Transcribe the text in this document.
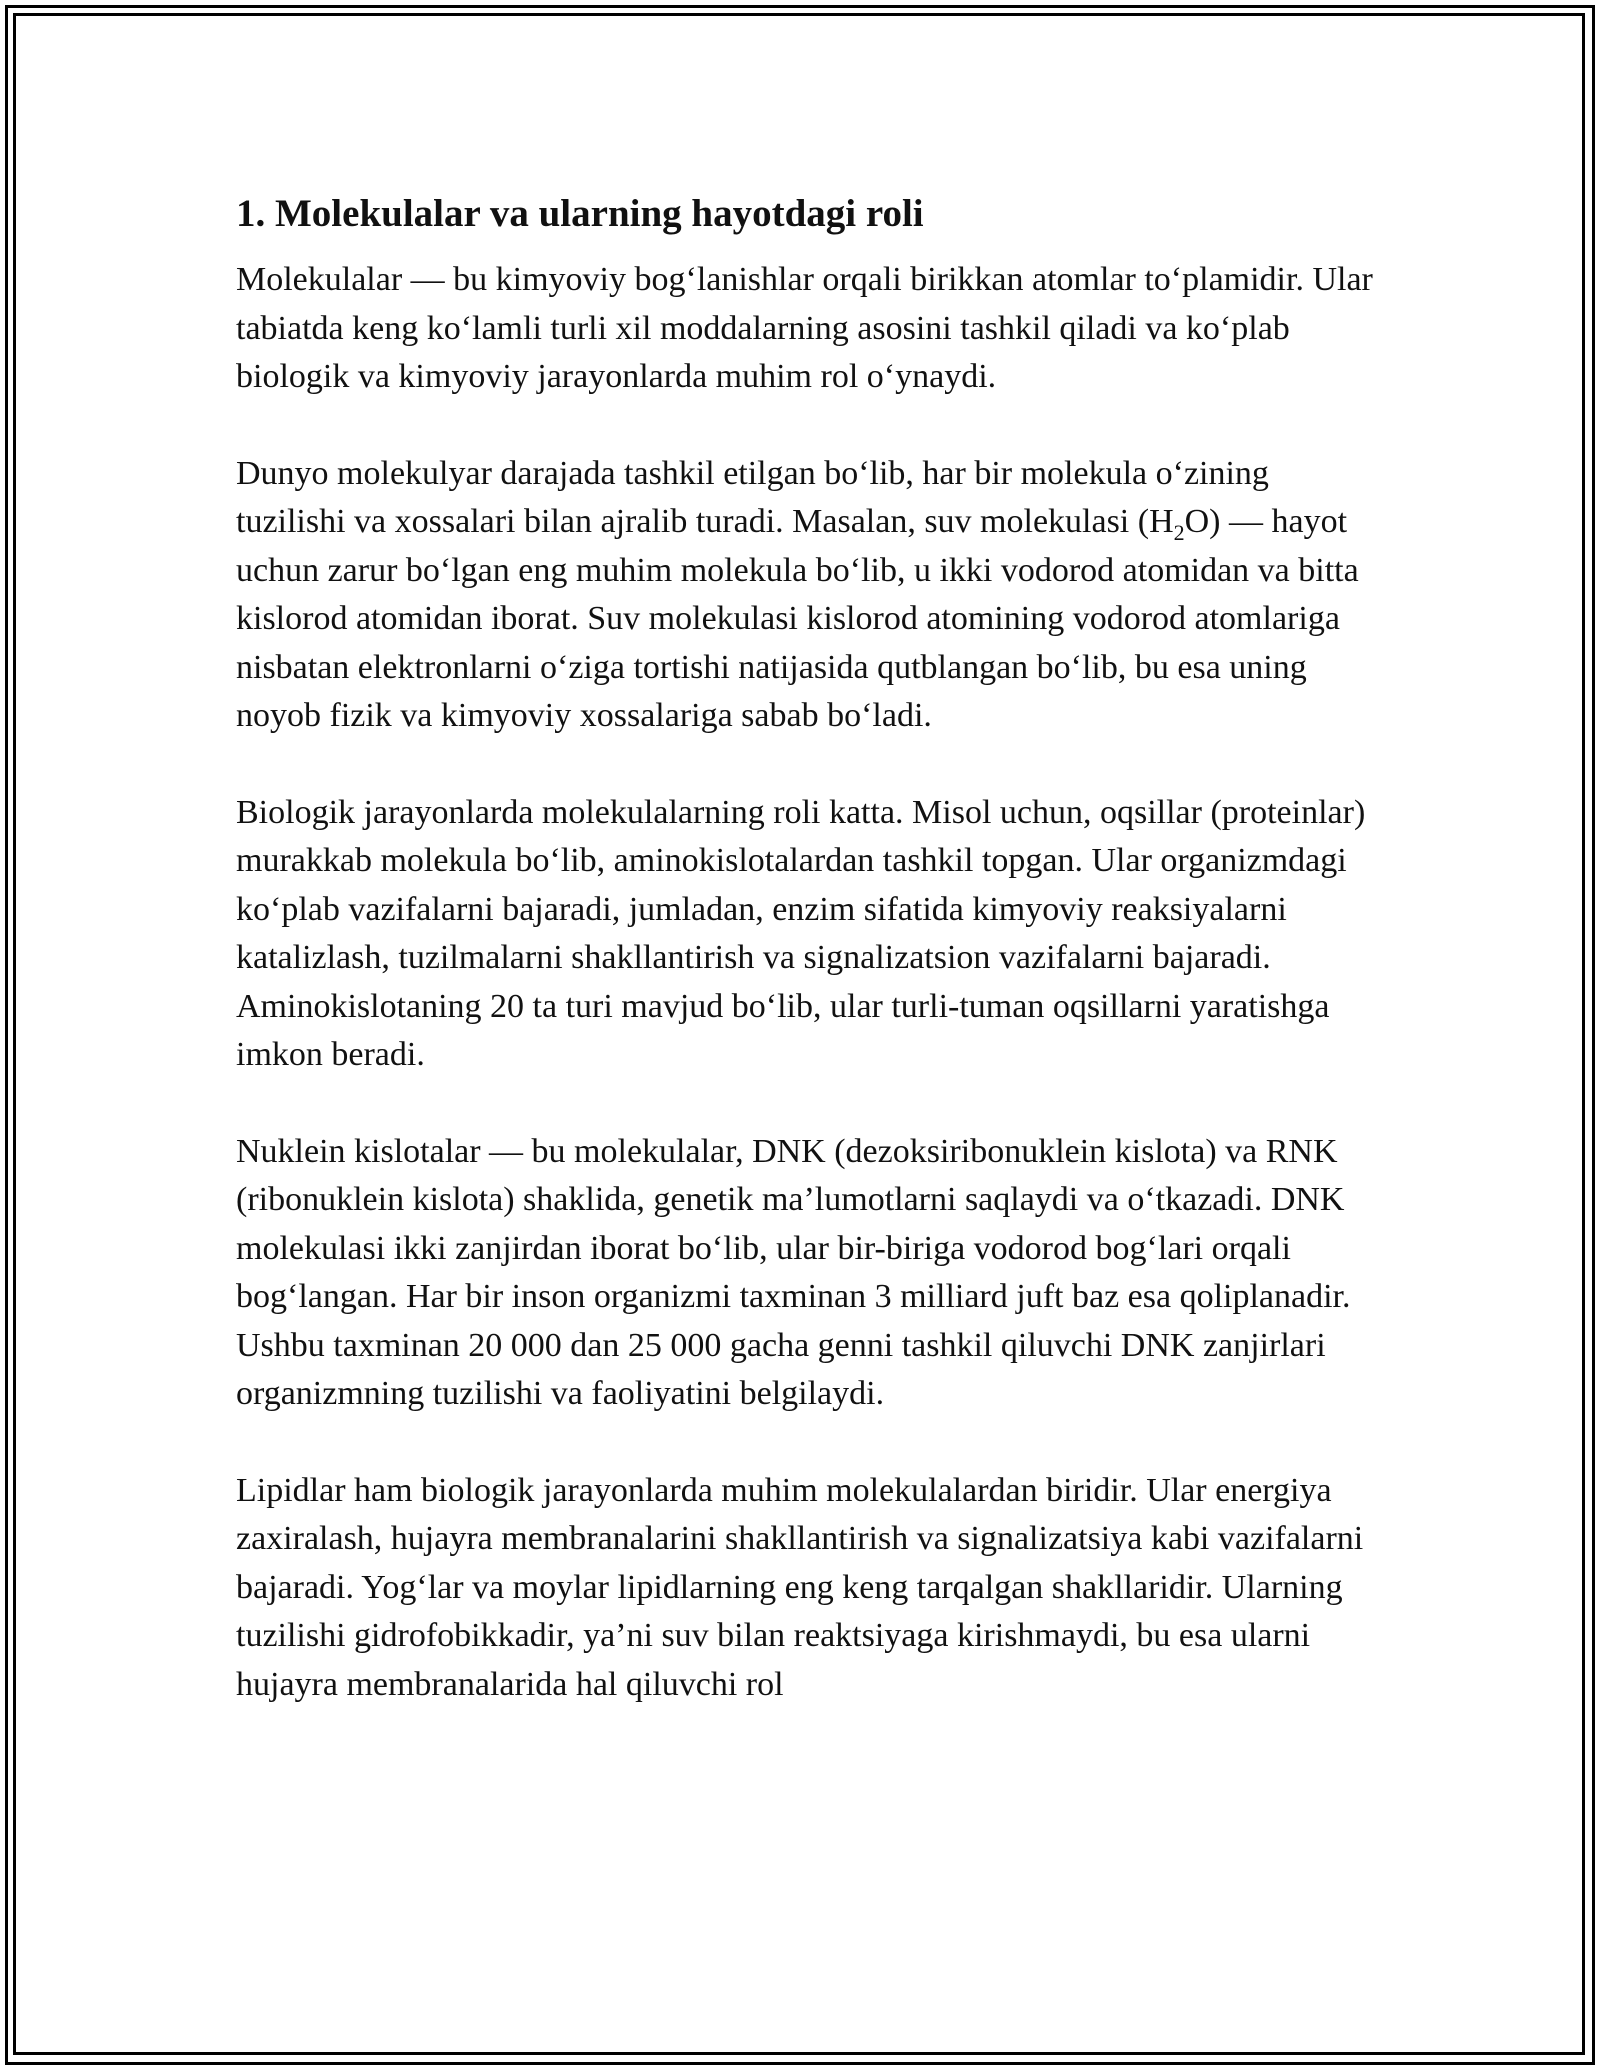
1. Molekulalar va ularning hayotdagi roli

Molekulalar — bu kimyoviy bog‘lanishlar orqali birikkan atomlar to‘plamidir. Ular tabiatda keng ko‘lamli turli xil moddalarning asosini tashkil qiladi va ko‘plab biologik va kimyoviy jarayonlarda muhim rol o‘ynaydi.

Dunyo molekulyar darajada tashkil etilgan bo‘lib, har bir molekula o‘zining tuzilishi va xossalari bilan ajralib turadi. Masalan, suv molekulasi $(H_2O)$ — hayot uchun zarur bo‘lgan eng muhim molekula bo‘lib, u ikki vodorod atomidan va bitta kislorod atomidan iborat. Suv molekulasi kislorod atomining vodorod atomlariga nisbatan elektronlarni o‘ziga tortishi natijasida qutblangan bo‘lib, bu esa uning noyob fizik va kimyoviy xossalariga sabab bo‘ladi.

Biologik jarayonlarda molekulalarning roli katta. Misol uchun, oqsillar (proteinlar) murakkab molekula bo‘lib, aminokislotalardan tashkil topgan. Ular organizmdagi ko‘plab vazifalarni bajaradi, jumladan, enzim sifatida kimyoviy reaksiyalarni katalizlash, tuzilmalarni shakllantirish va signalizatsion vazifalarni bajaradi. Aminokislotaning 20 ta turi mavjud bo‘lib, ular turli-tuman oqsillarni yaratishga imkon beradi.

Nuklein kislotalar — bu molekulalar, DNK (dezoksiribonuklein kislota) va RNK (ribonuklein kislota) shaklida, genetik ma’lumotlarni saqlaydi va o‘tkazadi. DNK molekulasi ikki zanjirdan iborat bo‘lib, ular bir-biriga vodorod bog‘lari orqali bog‘langan. Har bir inson organizmi taxminan 3 milliard juft baz esa qoliplanadir. Ushbu taxminan 20 000 dan 25 000 gacha genni tashkil qiluvchi DNK zanjirlari organizmning tuzilishi va faoliyatini belgilaydi.

Lipidlar ham biologik jarayonlarda muhim molekulalardan biridir. Ular energiya zaxiralash, hujayra membranalarini shakllantirish va signalizatsiya kabi vazifalarni bajaradi. Yog‘lar va moylar lipidlarning eng keng tarqalgan shakllaridir. Ularning tuzilishi gidrofobikkadir, ya’ni suv bilan reaktsiyaga kirishmaydi, bu esa ularni hujayra membranalarida hal qiluvchi rol
